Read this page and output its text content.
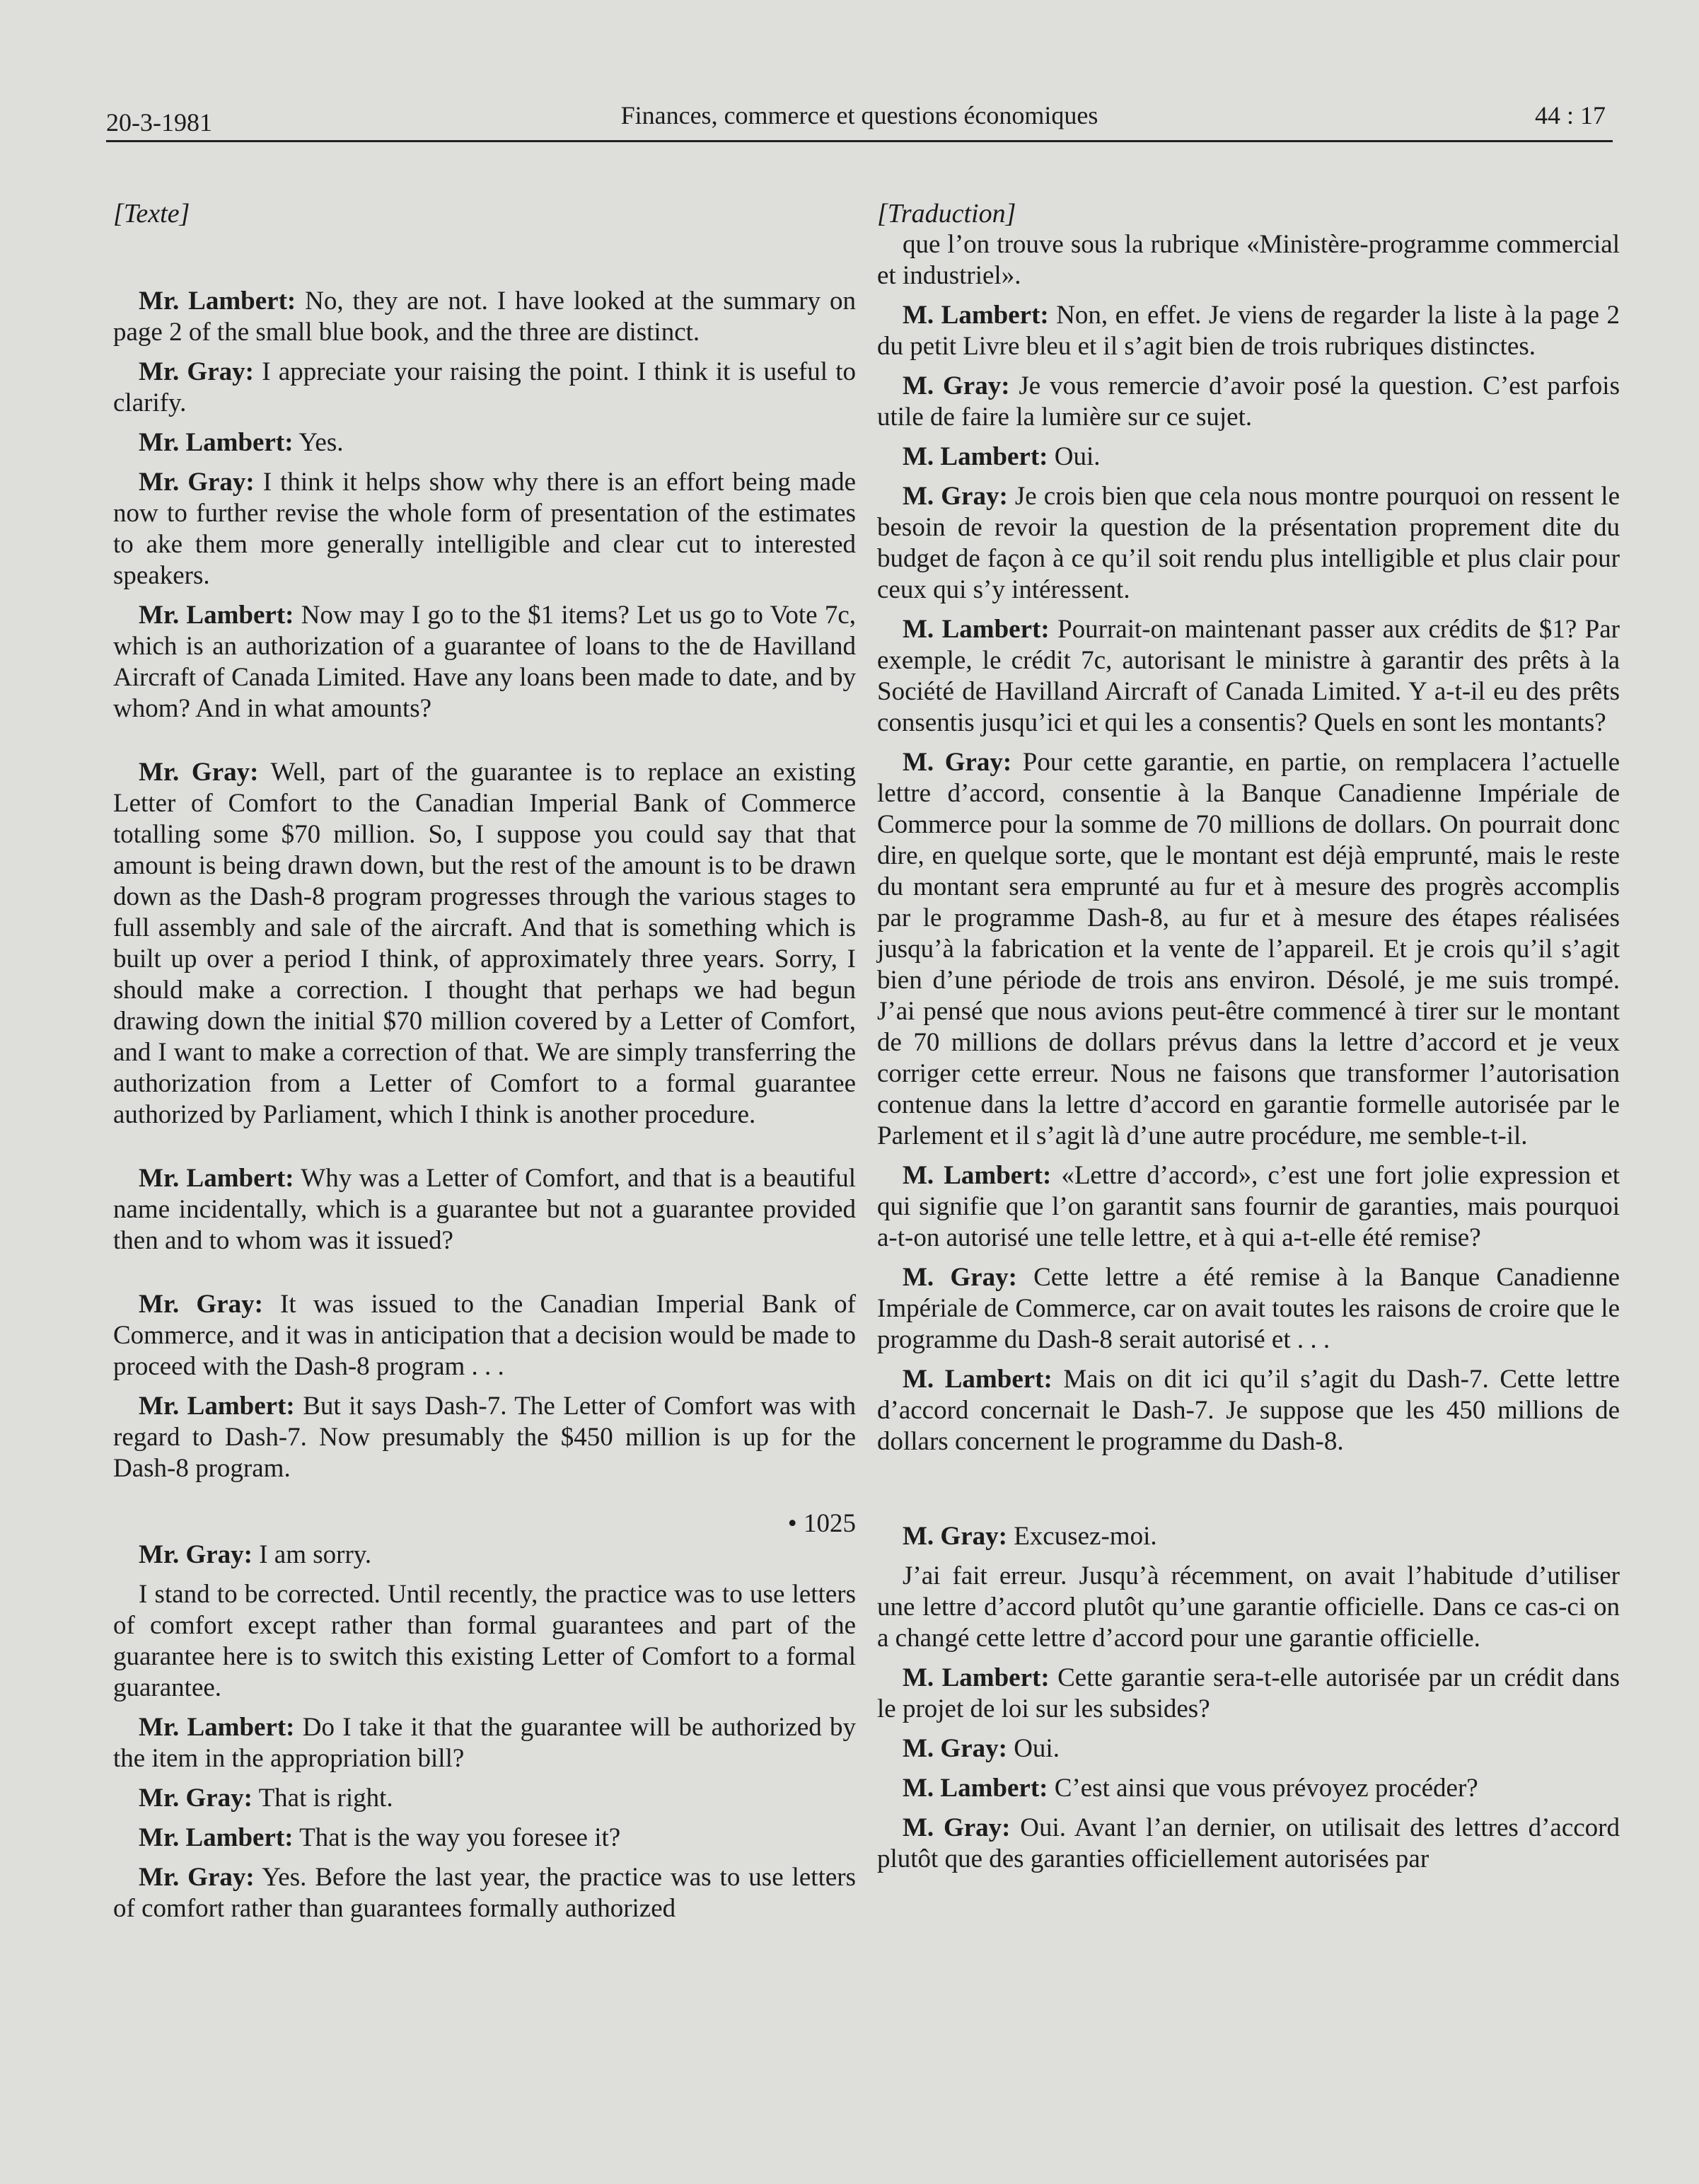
20-3-1981	Finances, commerce et questions économiques	44 : 17

[Texte]

Mr. Lambert: No, they are not. I have looked at the summary on page 2 of the small blue book, and the three are distinct.

Mr. Gray: I appreciate your raising the point. I think it is useful to clarify.

Mr. Lambert: Yes.

Mr. Gray: I think it helps show why there is an effort being made now to further revise the whole form of presentation of the estimates to ake them more generally intelligible and clear cut to interested speakers.

Mr. Lambert: Now may I go to the $1 items? Let us go to Vote 7c, which is an authorization of a guarantee of loans to the de Havilland Aircraft of Canada Limited. Have any loans been made to date, and by whom? And in what amounts?

Mr. Gray: Well, part of the guarantee is to replace an existing Letter of Comfort to the Canadian Imperial Bank of Commerce totalling some $70 million. So, I suppose you could say that that amount is being drawn down, but the rest of the amount is to be drawn down as the Dash-8 program progresses through the various stages to full assembly and sale of the aircraft. And that is something which is built up over a period I think, of approximately three years. Sorry, I should make a correction. I thought that perhaps we had begun drawing down the initial $70 million covered by a Letter of Comfort, and I want to make a correction of that. We are simply transferring the authorization from a Letter of Comfort to a formal guarantee authorized by Parliament, which I think is another procedure.

Mr. Lambert: Why was a Letter of Comfort, and that is a beautiful name incidentally, which is a guarantee but not a guarantee provided then and to whom was it issued?

Mr. Gray: It was issued to the Canadian Imperial Bank of Commerce, and it was in anticipation that a decision would be made to proceed with the Dash-8 program . . .

Mr. Lambert: But it says Dash-7. The Letter of Comfort was with regard to Dash-7. Now presumably the $450 million is up for the Dash-8 program.

• 1025

Mr. Gray: I am sorry.

I stand to be corrected. Until recently, the practice was to use letters of comfort except rather than formal guarantees and part of the guarantee here is to switch this existing Letter of Comfort to a formal guarantee.

Mr. Lambert: Do I take it that the guarantee will be authorized by the item in the appropriation bill?

Mr. Gray: That is right.

Mr. Lambert: That is the way you foresee it?

Mr. Gray: Yes. Before the last year, the practice was to use letters of comfort rather than guarantees formally authorized

[Traduction]

que l’on trouve sous la rubrique «Ministère-programme commercial et industriel».

M. Lambert: Non, en effet. Je viens de regarder la liste à la page 2 du petit Livre bleu et il s’agit bien de trois rubriques distinctes.

M. Gray: Je vous remercie d’avoir posé la question. C’est parfois utile de faire la lumière sur ce sujet.

M. Lambert: Oui.

M. Gray: Je crois bien que cela nous montre pourquoi on ressent le besoin de revoir la question de la présentation proprement dite du budget de façon à ce qu’il soit rendu plus intelligible et plus clair pour ceux qui s’y intéressent.

M. Lambert: Pourrait-on maintenant passer aux crédits de $1? Par exemple, le crédit 7c, autorisant le ministre à garantir des prêts à la Société de Havilland Aircraft of Canada Limited. Y a-t-il eu des prêts consentis jusqu’ici et qui les a consentis? Quels en sont les montants?

M. Gray: Pour cette garantie, en partie, on remplacera l’actuelle lettre d’accord, consentie à la Banque Canadienne Impériale de Commerce pour la somme de 70 millions de dollars. On pourrait donc dire, en quelque sorte, que le montant est déjà emprunté, mais le reste du montant sera emprunté au fur et à mesure des progrès accomplis par le programme Dash-8, au fur et à mesure des étapes réalisées jusqu’à la fabrication et la vente de l’appareil. Et je crois qu’il s’agit bien d’une période de trois ans environ. Désolé, je me suis trompé. J’ai pensé que nous avions peut-être commencé à tirer sur le montant de 70 millions de dollars prévus dans la lettre d’accord et je veux corriger cette erreur. Nous ne faisons que transformer l’autorisation contenue dans la lettre d’accord en garantie formelle autorisée par le Parlement et il s’agit là d’une autre procédure, me semble-t-il.

M. Lambert: «Lettre d’accord», c’est une fort jolie expression et qui signifie que l’on garantit sans fournir de garanties, mais pourquoi a-t-on autorisé une telle lettre, et à qui a-t-elle été remise?

M. Gray: Cette lettre a été remise à la Banque Canadienne Impériale de Commerce, car on avait toutes les raisons de croire que le programme du Dash-8 serait autorisé et . . .

M. Lambert: Mais on dit ici qu’il s’agit du Dash-7. Cette lettre d’accord concernait le Dash-7. Je suppose que les 450 millions de dollars concernent le programme du Dash-8.

M. Gray: Excusez-moi.

J’ai fait erreur. Jusqu’à récemment, on avait l’habitude d’utiliser une lettre d’accord plutôt qu’une garantie officielle. Dans ce cas-ci on a changé cette lettre d’accord pour une garantie officielle.

M. Lambert: Cette garantie sera-t-elle autorisée par un crédit dans le projet de loi sur les subsides?

M. Gray: Oui.

M. Lambert: C’est ainsi que vous prévoyez procéder?

M. Gray: Oui. Avant l’an dernier, on utilisait des lettres d’accord plutôt que des garanties officiellement autorisées par
